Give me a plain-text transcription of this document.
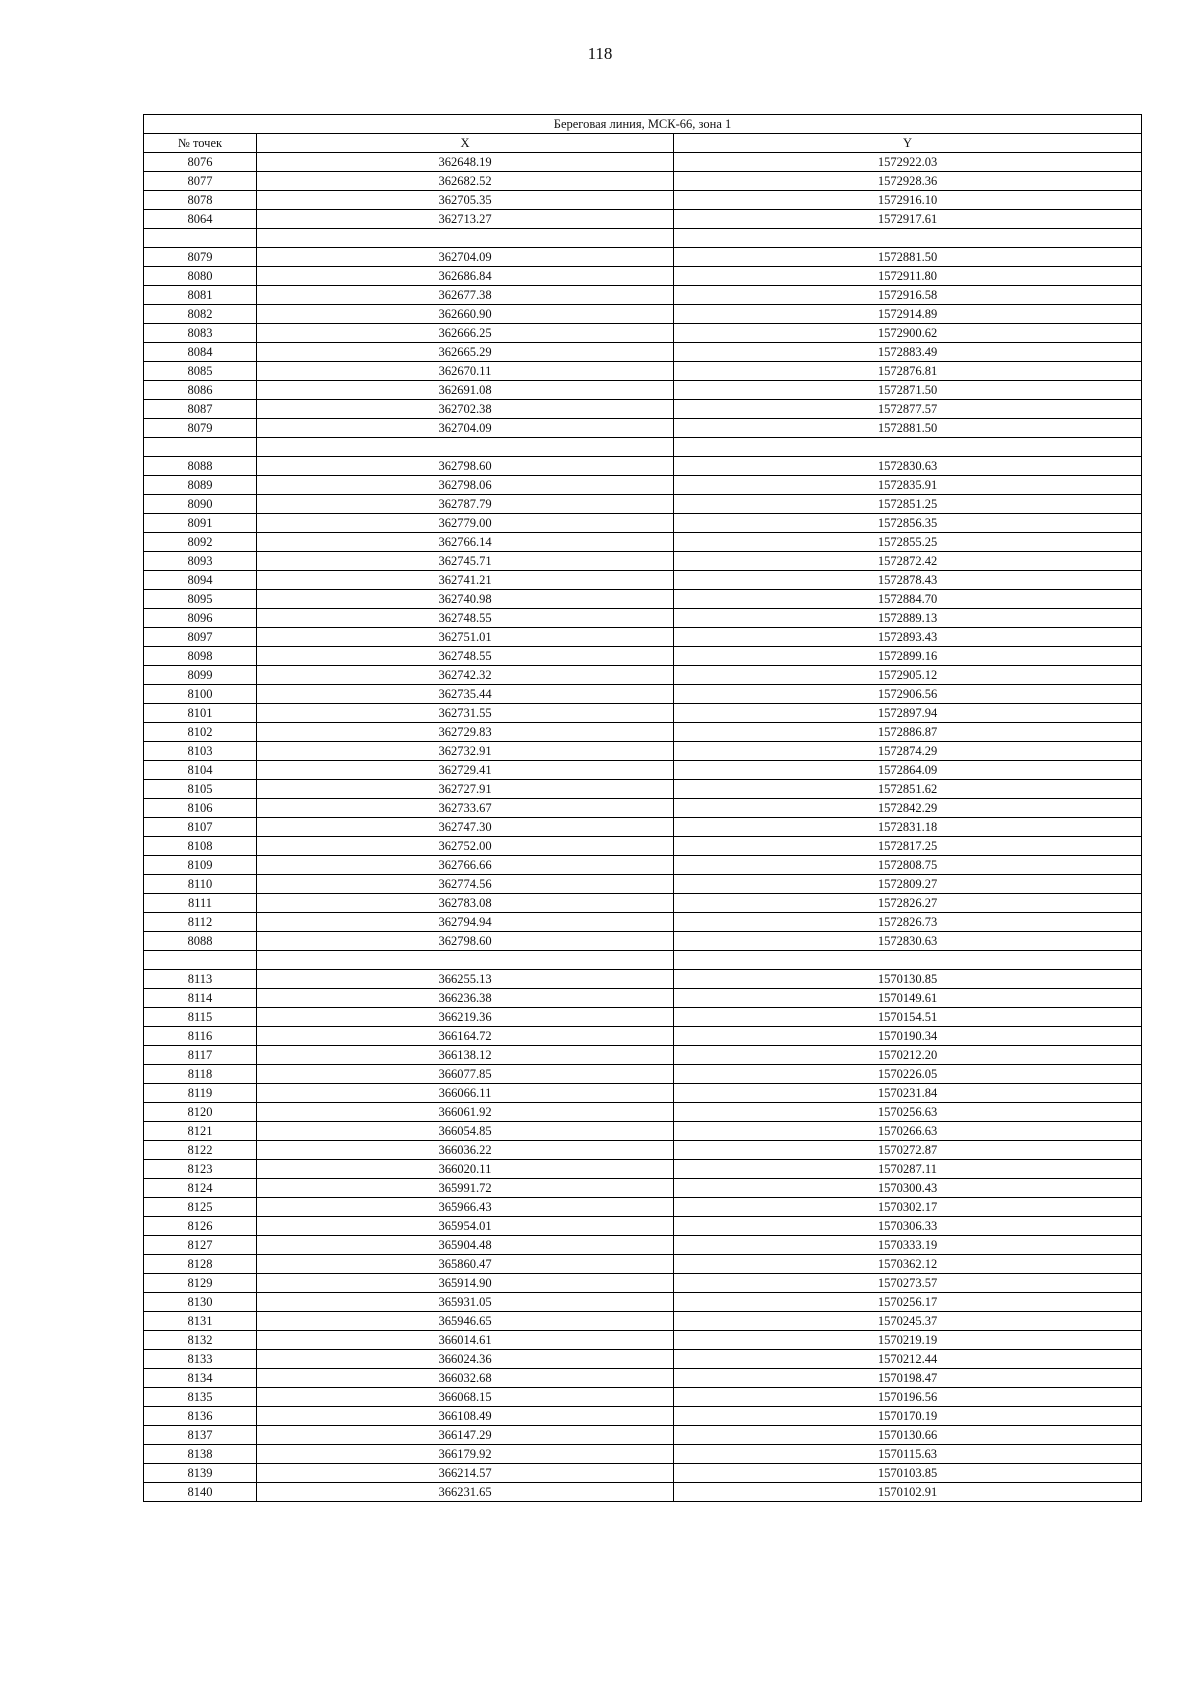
118
Береговая линия, МСК-66, зона 1		
№ точек	X	Y
8076	362648.19	1572922.03
8077	362682.52	1572928.36
8078	362705.35	1572916.10
8064	362713.27	1572917.61

8079	362704.09	1572881.50
8080	362686.84	1572911.80
8081	362677.38	1572916.58
8082	362660.90	1572914.89
8083	362666.25	1572900.62
8084	362665.29	1572883.49
8085	362670.11	1572876.81
8086	362691.08	1572871.50
8087	362702.38	1572877.57
8079	362704.09	1572881.50

8088	362798.60	1572830.63
8089	362798.06	1572835.91
8090	362787.79	1572851.25
8091	362779.00	1572856.35
8092	362766.14	1572855.25
8093	362745.71	1572872.42
8094	362741.21	1572878.43
8095	362740.98	1572884.70
8096	362748.55	1572889.13
8097	362751.01	1572893.43
8098	362748.55	1572899.16
8099	362742.32	1572905.12
8100	362735.44	1572906.56
8101	362731.55	1572897.94
8102	362729.83	1572886.87
8103	362732.91	1572874.29
8104	362729.41	1572864.09
8105	362727.91	1572851.62
8106	362733.67	1572842.29
8107	362747.30	1572831.18
8108	362752.00	1572817.25
8109	362766.66	1572808.75
8110	362774.56	1572809.27
8111	362783.08	1572826.27
8112	362794.94	1572826.73
8088	362798.60	1572830.63

8113	366255.13	1570130.85
8114	366236.38	1570149.61
8115	366219.36	1570154.51
8116	366164.72	1570190.34
8117	366138.12	1570212.20
8118	366077.85	1570226.05
8119	366066.11	1570231.84
8120	366061.92	1570256.63
8121	366054.85	1570266.63
8122	366036.22	1570272.87
8123	366020.11	1570287.11
8124	365991.72	1570300.43
8125	365966.43	1570302.17
8126	365954.01	1570306.33
8127	365904.48	1570333.19
8128	365860.47	1570362.12
8129	365914.90	1570273.57
8130	365931.05	1570256.17
8131	365946.65	1570245.37
8132	366014.61	1570219.19
8133	366024.36	1570212.44
8134	366032.68	1570198.47
8135	366068.15	1570196.56
8136	366108.49	1570170.19
8137	366147.29	1570130.66
8138	366179.92	1570115.63
8139	366214.57	1570103.85
8140	366231.65	1570102.91
